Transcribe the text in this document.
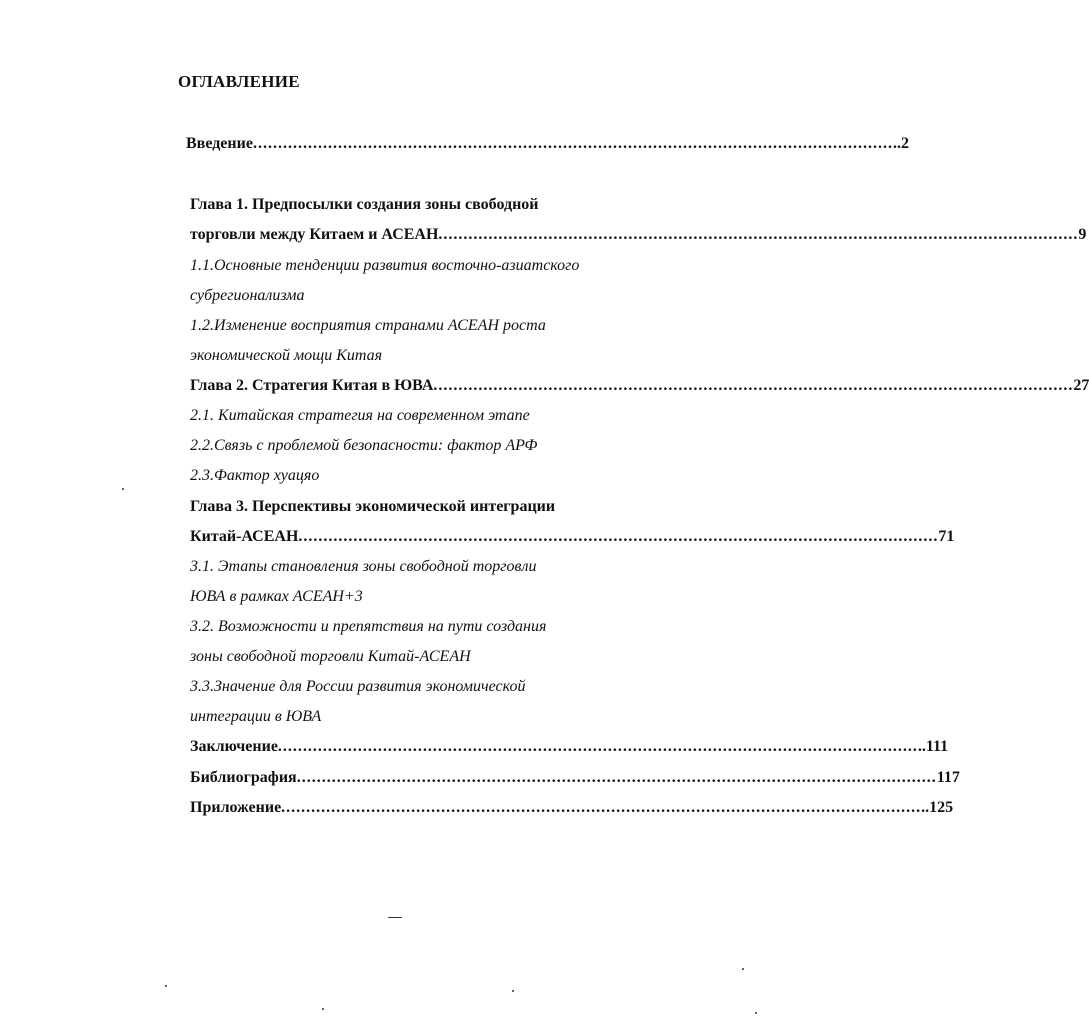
ОГЛАВЛЕНИЕ
Введение ................................................................................................................................ ..2
Глава 1. Предпосылки создания зоны свободной
торговли между Китаем и АСЕАН ................................................................................................................................ 9
1.1.Основные тенденции развития восточно-азиатского
субрегионализма
1.2.Изменение восприятия странами АСЕАН роста
экономической мощи Китая
Глава 2. Стратегия Китая в ЮВА ................................................................................................................................ 27
2.1. Китайская стратегия на современном этапе
2.2.Связь с проблемой безопасности: фактор АРФ
2.3.Фактор хуацяо
Глава 3. Перспективы экономической интеграции
Китай-АСЕАН ................................................................................................................................ 71
3.1. Этапы становления зоны свободной торговли
ЮВА в рамках АСЕАН+3
3.2. Возможности и препятствия на пути создания
зоны свободной торговли Китай-АСЕАН
3.3.Значение для России развития экономической
интеграции в ЮВА
Заключение ................................................................................................................................ ..111
Библиография ................................................................................................................................ 117
Приложение ................................................................................................................................ ..125
